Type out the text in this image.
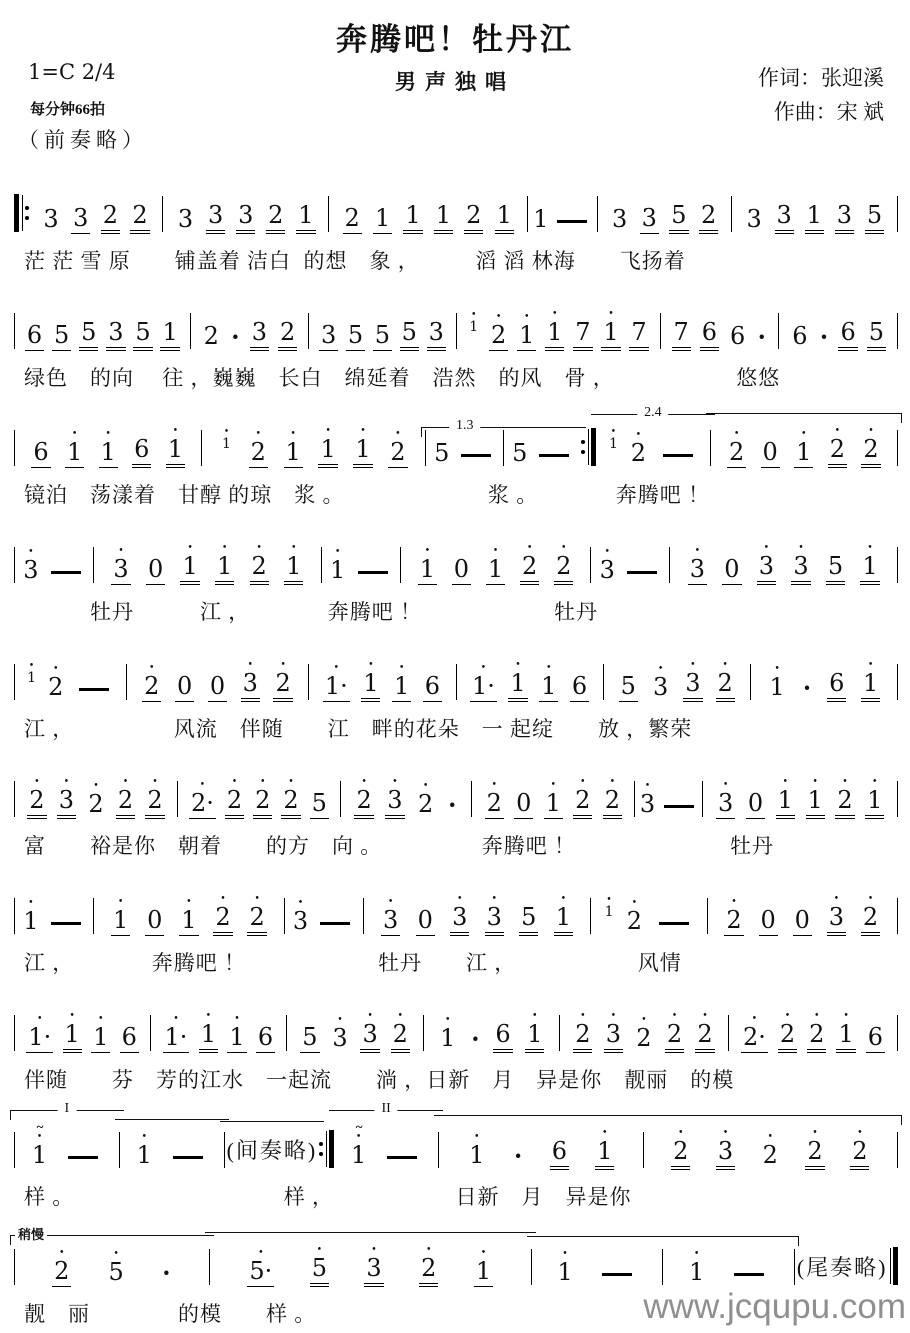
奔腾吧！牡丹江
1=C 2/4
每分钟66拍
（前奏略）
男声独唱	作词：张迎溪
作曲：宋 斌
3 3 2 2 3 3 3 2 1 2 1 1 1 2 1 1	3 3 5 2 3 3 1 3 5
茫 茫 雪 原　　铺盖着 洁白  的想　象 ，　　　滔 滔 林海　　飞扬着
6 5 5 3 5 1 2 · 3 2 3 5 5 5 3
•
1
•
2
•
1
•
1 7
•
1 7 7 6 6 · 6 · 6 5
绿色　的向　 往 ，巍巍　长白　绵延着　浩然　的风　骨 ，　　　　　　悠悠
6
•
1
•
1 6
•
1
•
1
•
2
•
1
•
1
•
1
•
2
1.3
5	5
2.4
•
1
•
2
•
2 0
•
1
•
2
•
2
镜泊　荡漾着　甘醇 的琼　浆 。　　　　　　　浆 。　　　　奔腾吧 ！
•
3
•
3 0
•
1
•
1
•
2
•
1
•
1
•
1 0
•
1
•
2
•
2
•
3
•
3 0
•
3
•
3 5
•
1
　　　牡丹　　　江 ，　　　　奔腾吧 ！　　　　　　牡丹
•
1
•
2
•
2 0 0
•
3
•
2
•
1·
•
1
•
1 6
•
1·
•
1
•
1 6 5
•
3
•
3
•
2
•
1 · 6
•
1
江 ，　　　　　风流　伴随　　江　畔的花朵　一 起绽　　放 ，繁荣
•
2
•
3
•
2
•
2
•
2
•
2·
•
2
•
2
•
2 5
•
2
•
3
•
2 ·
•
2 0
•
1
•
2
•
2
•
3
•
3 0
•
1
•
1
•
2
•
1
富　　裕是你　朝着　　的方　向 。　　　　　奔腾吧 ！　　　　　　　牡丹
•
1
•
1 0
•
1
•
2
•
2
•
3
•
3 0
•
3
•
3 5
•
1
•
1
•
2
•
2 0 0
•
3
•
2
江 ，　　　　奔腾吧 ！　　　　　　牡丹　　江 ，　　　　　　风情
•
1·
•
1
•
1 6
•
1·
•
1
•
1 6 5
•
3
•
3
•
2
•
1 · 6
•
1
•
2
•
3
•
2
•
2
•
2
•
2·
•
2
•
2
•
1 6
伴随　　芬　芳的江水　一起流　　淌 ，日新　月　异是你　靓丽　的模
I
~
•
1
•
1	(间奏略)
II
~
•
1
•
1 · 6
•
1
•
2
•
3
•
2
•
2
•
2
样 。　　　　　　　　　　样 ，　　　　　　日新　月　异是你
稍慢
•
2
•
5 ·
•
5·
•
5
•
3
•
2
•
1
•
1
•
1	(尾奏略)
靓　丽　　　　的模　　样 。	www.jcqupu.com
